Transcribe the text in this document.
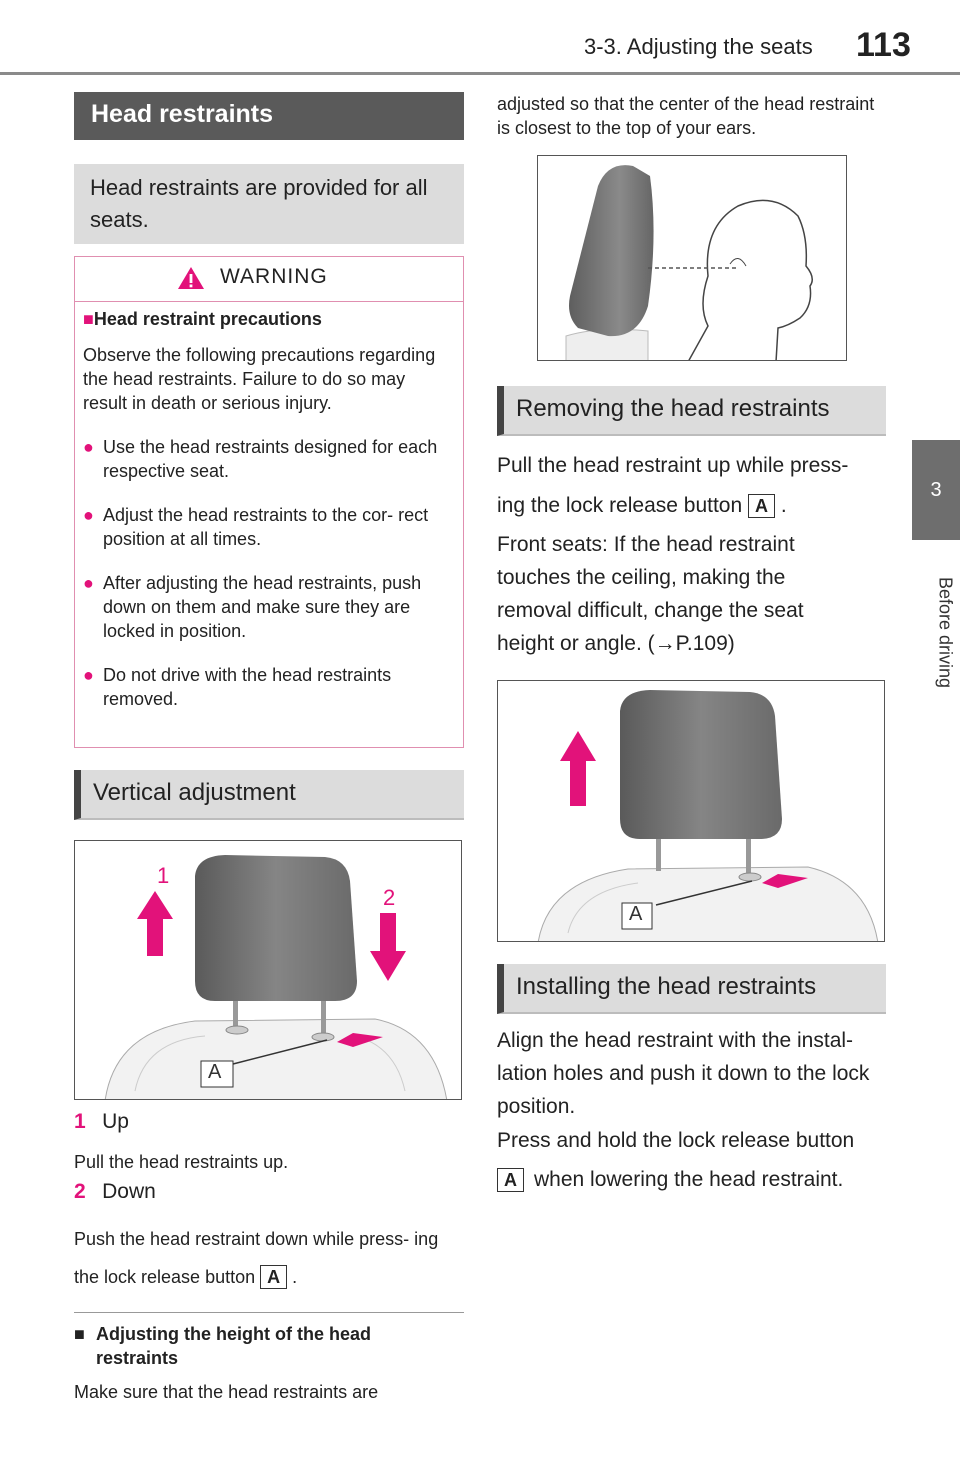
3-3. Adjusting the seats 113
3
Before driving
Head restraints
Head restraints are provided for all seats.
WARNING
■Head restraint precautions
Observe the following precautions regarding the head restraints. Failure to do so may result in death or serious injury.
● Use the head restraints designed for each respective seat.
● Adjust the head restraints to the cor- rect position at all times.
● After adjusting the head restraints, push down on them and make sure they are locked in position.
● Do not drive with the head restraints removed.
Vertical adjustment
1
2
A
1 Up
Pull the head restraints up.
2 Down
Push the head restraint down while press- ing the lock release button A .
■ Adjusting the height of the head restraints
Make sure that the head restraints are
adjusted so that the center of the head restraint is closest to the top of your ears.
Removing the head restraints
Pull the head restraint up while press-
ing the lock release button A .
Front seats: If the head restraint touches the ceiling, making the removal difficult, change the seat height or angle. (→P.109)
A
Installing the head restraints
Align the head restraint with the instal- lation holes and push it down to the lock position.
Press and hold the lock release button
A when lowering the head restraint.
